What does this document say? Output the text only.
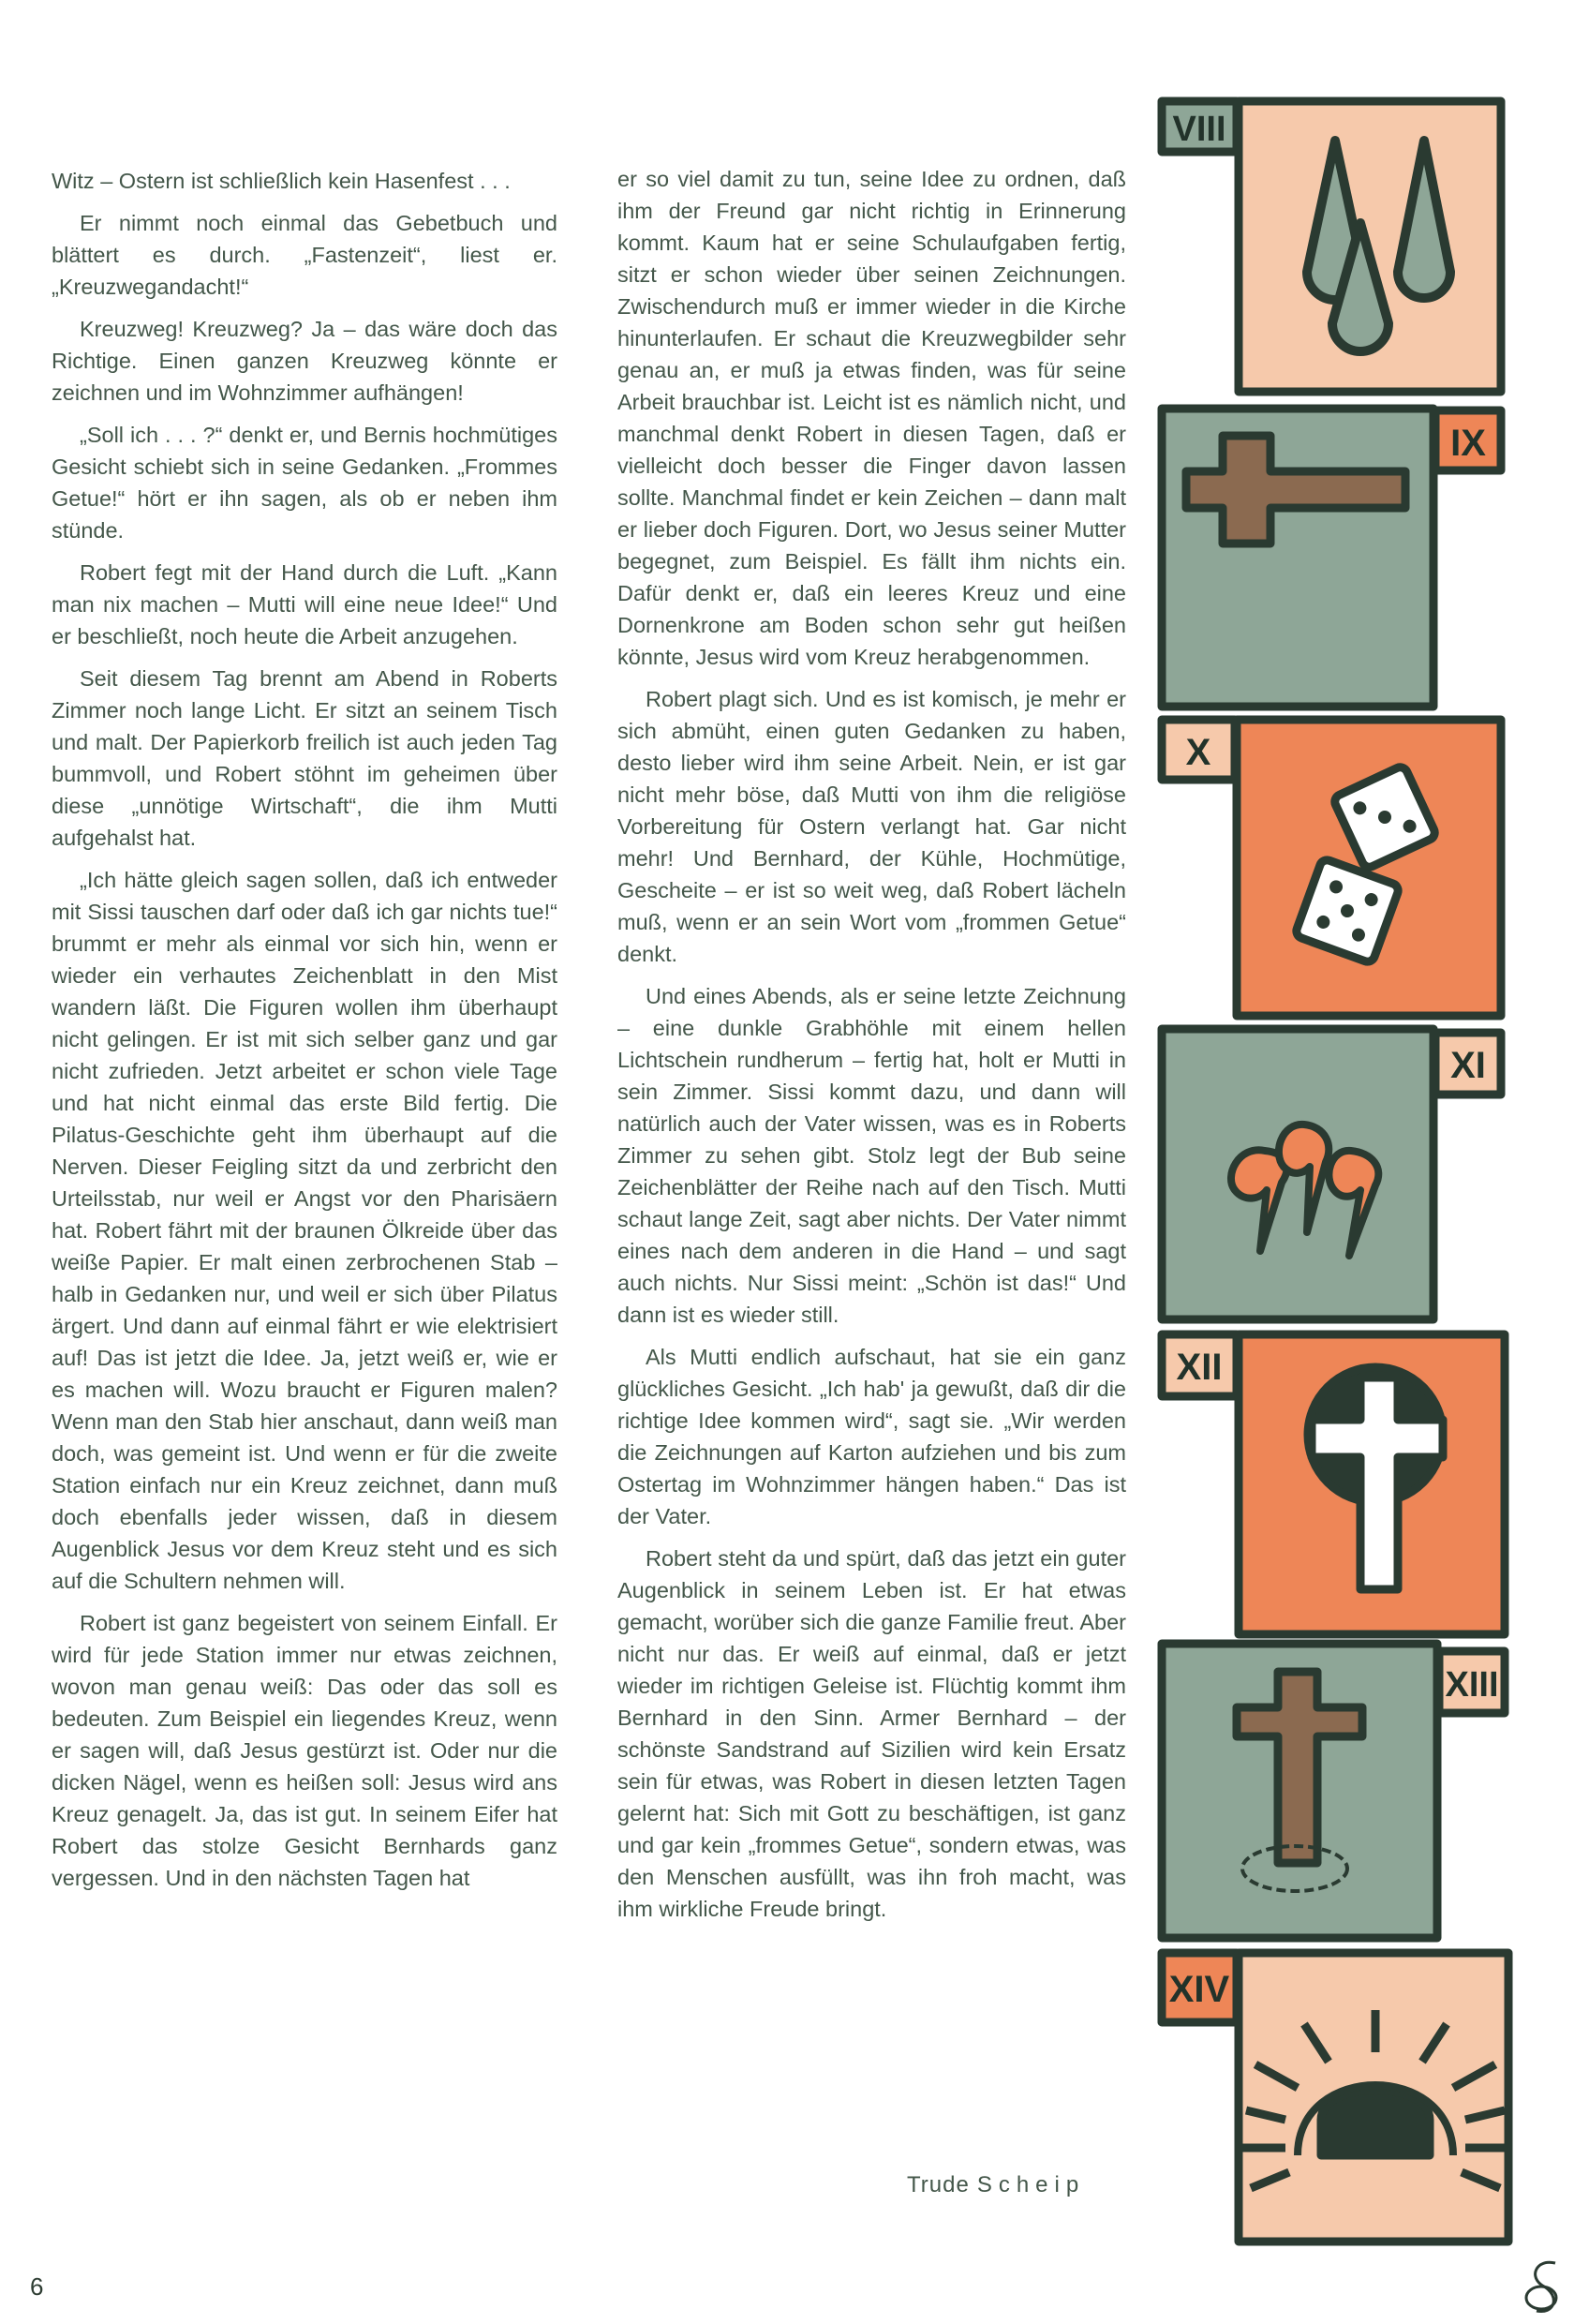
Witz – Ostern ist schließlich kein Hasenfest . . .

Er nimmt noch einmal das Gebetbuch und blättert es durch. „Fastenzeit“, liest er. „Kreuzwegandacht!“

Kreuzweg! Kreuzweg? Ja – das wäre doch das Richtige. Einen ganzen Kreuzweg könnte er zeichnen und im Wohnzimmer aufhängen!

„Soll ich . . . ?“ denkt er, und Bernis hochmütiges Gesicht schiebt sich in seine Gedanken. „Frommes Getue!“ hört er ihn sagen, als ob er neben ihm stünde.

Robert fegt mit der Hand durch die Luft. „Kann man nix machen – Mutti will eine neue Idee!“ Und er beschließt, noch heute die Arbeit anzugehen.

Seit diesem Tag brennt am Abend in Roberts Zimmer noch lange Licht. Er sitzt an seinem Tisch und malt. Der Papierkorb freilich ist auch jeden Tag bummvoll, und Robert stöhnt im geheimen über diese „unnötige Wirtschaft“, die ihm Mutti aufgehalst hat.

„Ich hätte gleich sagen sollen, daß ich entweder mit Sissi tauschen darf oder daß ich gar nichts tue!“ brummt er mehr als einmal vor sich hin, wenn er wieder ein verhautes Zeichenblatt in den Mist wandern läßt. Die Figuren wollen ihm überhaupt nicht gelingen. Er ist mit sich selber ganz und gar nicht zufrieden. Jetzt arbeitet er schon viele Tage und hat nicht einmal das erste Bild fertig. Die Pilatus-Geschichte geht ihm überhaupt auf die Nerven. Dieser Feigling sitzt da und zerbricht den Urteilsstab, nur weil er Angst vor den Pharisäern hat. Robert fährt mit der braunen Ölkreide über das weiße Papier. Er malt einen zerbrochenen Stab – halb in Gedanken nur, und weil er sich über Pilatus ärgert. Und dann auf einmal fährt er wie elektrisiert auf! Das ist jetzt die Idee. Ja, jetzt weiß er, wie er es machen will. Wozu braucht er Figuren malen? Wenn man den Stab hier anschaut, dann weiß man doch, was gemeint ist. Und wenn er für die zweite Station einfach nur ein Kreuz zeichnet, dann muß doch ebenfalls jeder wissen, daß in diesem Augenblick Jesus vor dem Kreuz steht und es sich auf die Schultern nehmen will.

Robert ist ganz begeistert von seinem Einfall. Er wird für jede Station immer nur etwas zeichnen, wovon man genau weiß: Das oder das soll es bedeuten. Zum Beispiel ein liegendes Kreuz, wenn er sagen will, daß Jesus gestürzt ist. Oder nur die dicken Nägel, wenn es heißen soll: Jesus wird ans Kreuz genagelt. Ja, das ist gut. In seinem Eifer hat Robert das stolze Gesicht Bernhards ganz vergessen. Und in den nächsten Tagen hat

er so viel damit zu tun, seine Idee zu ordnen, daß ihm der Freund gar nicht richtig in Erinnerung kommt. Kaum hat er seine Schulaufgaben fertig, sitzt er schon wieder über seinen Zeichnungen. Zwischendurch muß er immer wieder in die Kirche hinunterlaufen. Er schaut die Kreuzwegbilder sehr genau an, er muß ja etwas finden, was für seine Arbeit brauchbar ist. Leicht ist es nämlich nicht, und manchmal denkt Robert in diesen Tagen, daß er vielleicht doch besser die Finger davon lassen sollte. Manchmal findet er kein Zeichen – dann malt er lieber doch Figuren. Dort, wo Jesus seiner Mutter begegnet, zum Beispiel. Es fällt ihm nichts ein. Dafür denkt er, daß ein leeres Kreuz und eine Dornenkrone am Boden schon sehr gut heißen könnte, Jesus wird vom Kreuz herabgenommen.

Robert plagt sich. Und es ist komisch, je mehr er sich abmüht, einen guten Gedanken zu haben, desto lieber wird ihm seine Arbeit. Nein, er ist gar nicht mehr böse, daß Mutti von ihm die religiöse Vorbereitung für Ostern verlangt hat. Gar nicht mehr! Und Bernhard, der Kühle, Hochmütige, Gescheite – er ist so weit weg, daß Robert lächeln muß, wenn er an sein Wort vom „frommen Getue“ denkt.

Und eines Abends, als er seine letzte Zeichnung – eine dunkle Grabhöhle mit einem hellen Lichtschein rundherum – fertig hat, holt er Mutti in sein Zimmer. Sissi kommt dazu, und dann will natürlich auch der Vater wissen, was es in Roberts Zimmer zu sehen gibt. Stolz legt der Bub seine Zeichenblätter der Reihe nach auf den Tisch. Mutti schaut lange Zeit, sagt aber nichts. Der Vater nimmt eines nach dem anderen in die Hand – und sagt auch nichts. Nur Sissi meint: „Schön ist das!“ Und dann ist es wieder still.

Als Mutti endlich aufschaut, hat sie ein ganz glückliches Gesicht. „Ich hab' ja gewußt, daß dir die richtige Idee kommen wird“, sagt sie. „Wir werden die Zeichnungen auf Karton aufziehen und bis zum Ostertag im Wohnzimmer hängen haben.“ Das ist der Vater.

Robert steht da und spürt, daß das jetzt ein guter Augenblick in seinem Leben ist. Er hat etwas gemacht, worüber sich die ganze Familie freut. Aber nicht nur das. Er weiß auf einmal, daß er jetzt wieder im richtigen Geleise ist. Flüchtig kommt ihm Bernhard in den Sinn. Armer Bernhard – der schönste Sandstrand auf Sizilien wird kein Ersatz sein für etwas, was Robert in diesen letzten Tagen gelernt hat: Sich mit Gott zu beschäftigen, ist ganz und gar kein „frommes Getue“, sondern etwas, was den Menschen ausfüllt, was ihn froh macht, was ihm wirkliche Freude bringt.

Trude Scheip
6
VIII
IX
X
XI
XII
XIII
XIV
